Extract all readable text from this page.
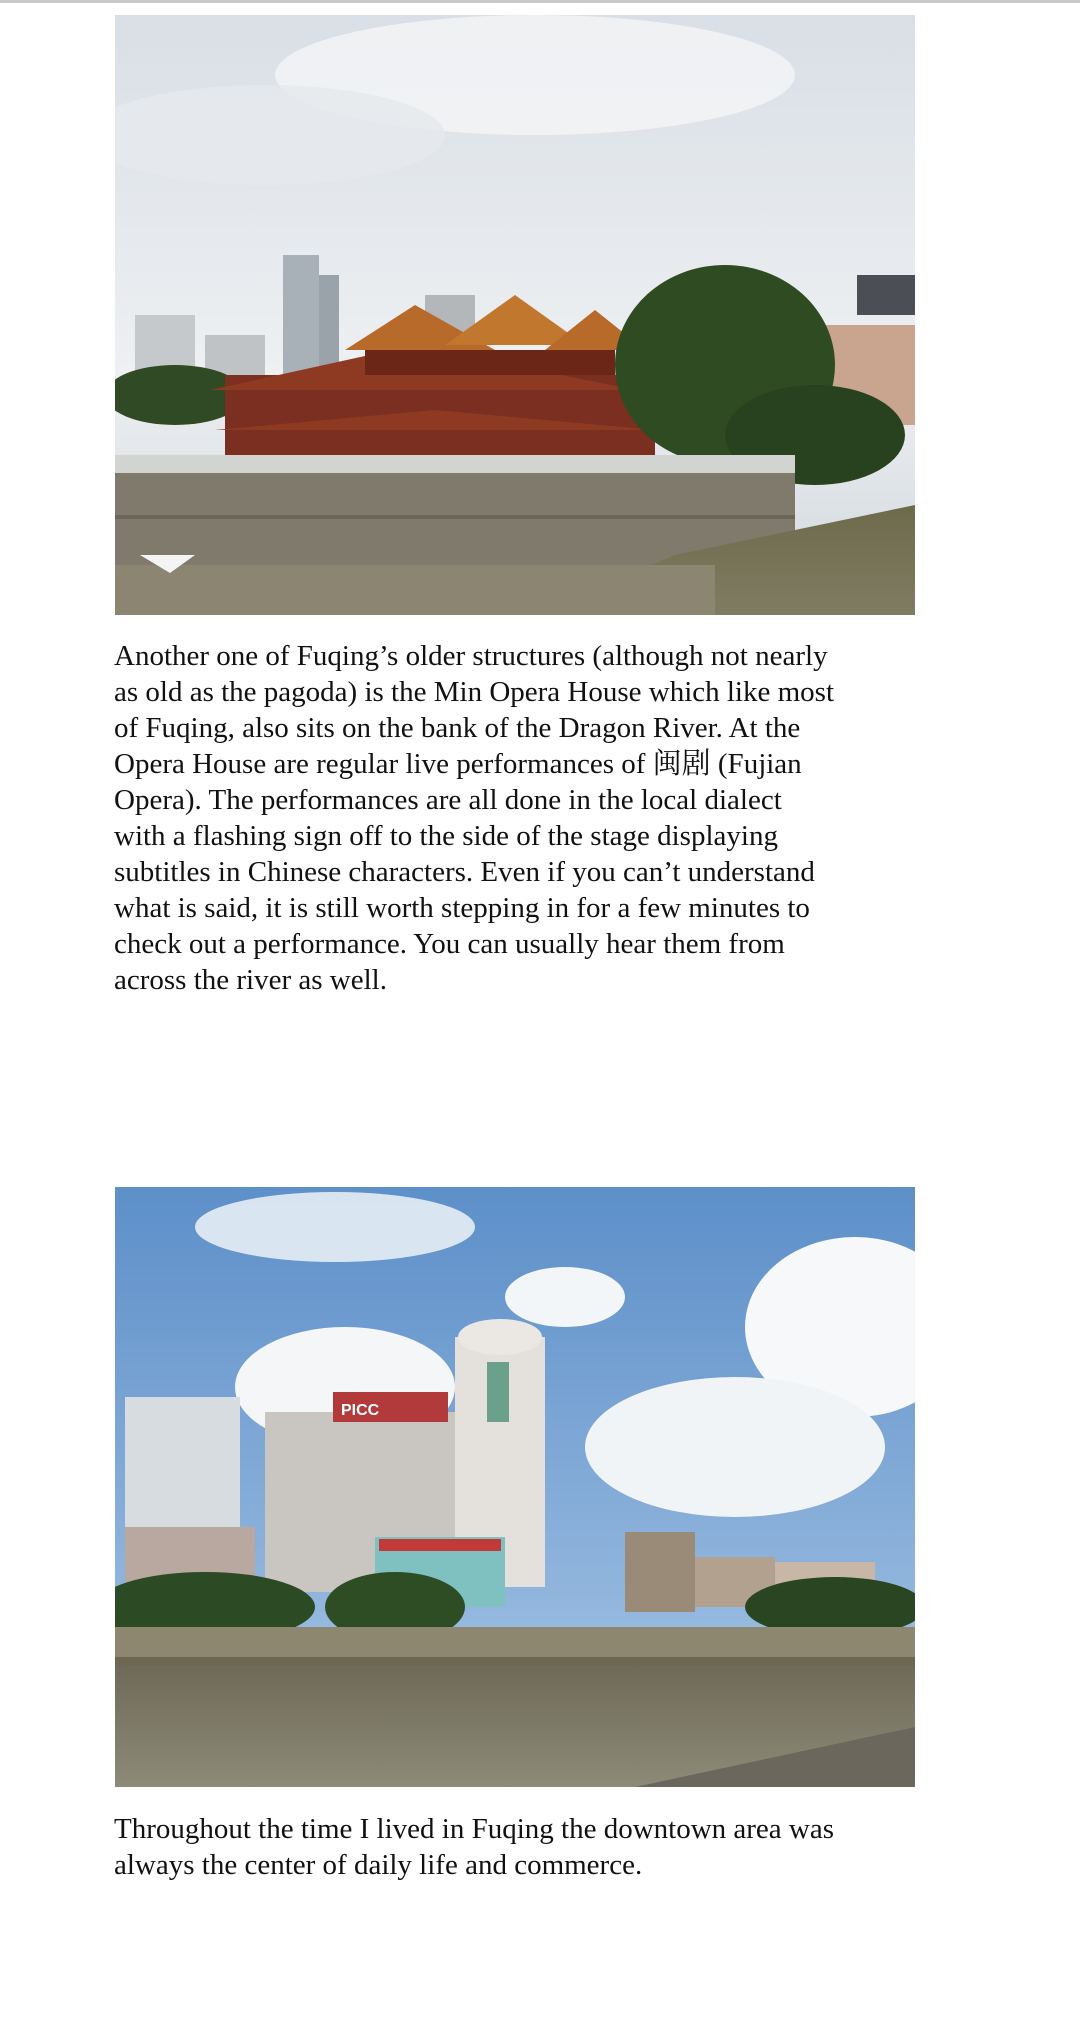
Another one of Fuqing’s older structures (although not nearly
as old as the pagoda) is the Min Opera House which like most
of Fuqing, also sits on the bank of the Dragon River. At the
Opera House are regular live performances of 闽剧 (Fujian
Opera). The performances are all done in the local dialect
with a flashing sign off to the side of the stage displaying
subtitles in Chinese characters. Even if you can’t understand
what is said, it is still worth stepping in for a few minutes to
check out a performance. You can usually hear them from
across the river as well.

PICC

Throughout the time I lived in Fuqing the downtown area was
always the center of daily life and commerce.
